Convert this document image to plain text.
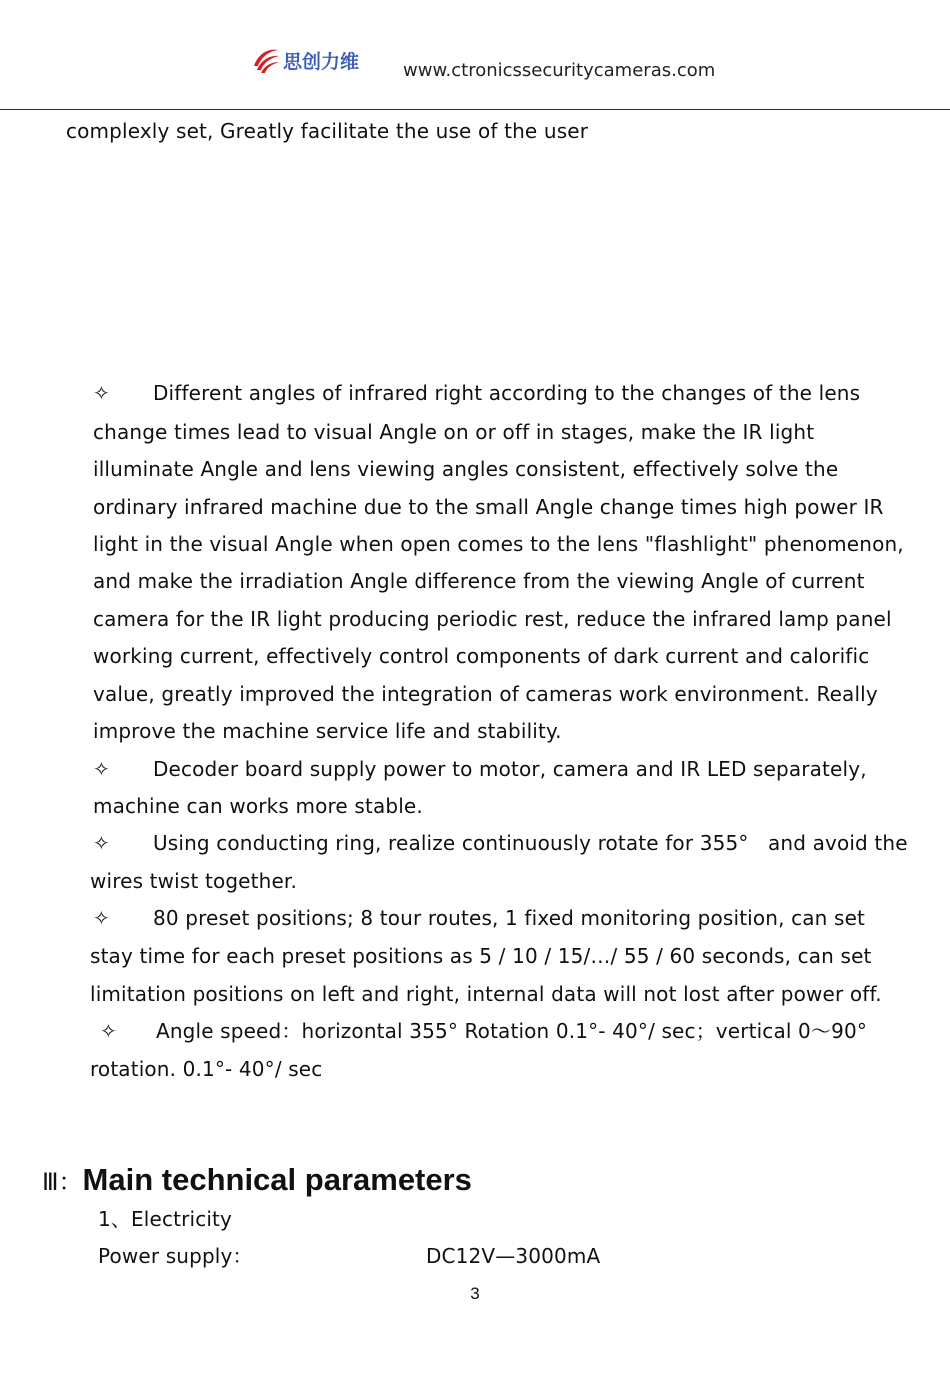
思创力维 www.ctronicssecuritycameras.com
complexly set, Greatly facilitate the use of the user
✧ Different angles of infrared right according to the changes of the lens
change times lead to visual Angle on or off in stages, make the IR light
illuminate Angle and lens viewing angles consistent, effectively solve the
ordinary infrared machine due to the small Angle change times high power IR
light in the visual Angle when open comes to the lens "flashlight" phenomenon,
and make the irradiation Angle difference from the viewing Angle of current
camera for the IR light producing periodic rest, reduce the infrared lamp panel
working current, effectively control components of dark current and calorific
value, greatly improved the integration of cameras work environment. Really
improve the machine service life and stability.
✧ Decoder board supply power to motor, camera and IR LED separately,
machine can works more stable.
✧ Using conducting ring, realize continuously rotate for 355°   and avoid the
wires twist together.
✧ 80 preset positions; 8 tour routes, 1 fixed monitoring position, can set
stay time for each preset positions as 5 / 10 / 15/…/ 55 / 60 seconds, can set
limitation positions on left and right, internal data will not lost after power off.
✧ Angle speed：horizontal 355° Rotation 0.1°- 40°/ sec；vertical 0～90°
rotation. 0.1°- 40°/ sec
Ⅲ：Main technical parameters
1、Electricity
Power supply：	DC12V—3000mA
3
